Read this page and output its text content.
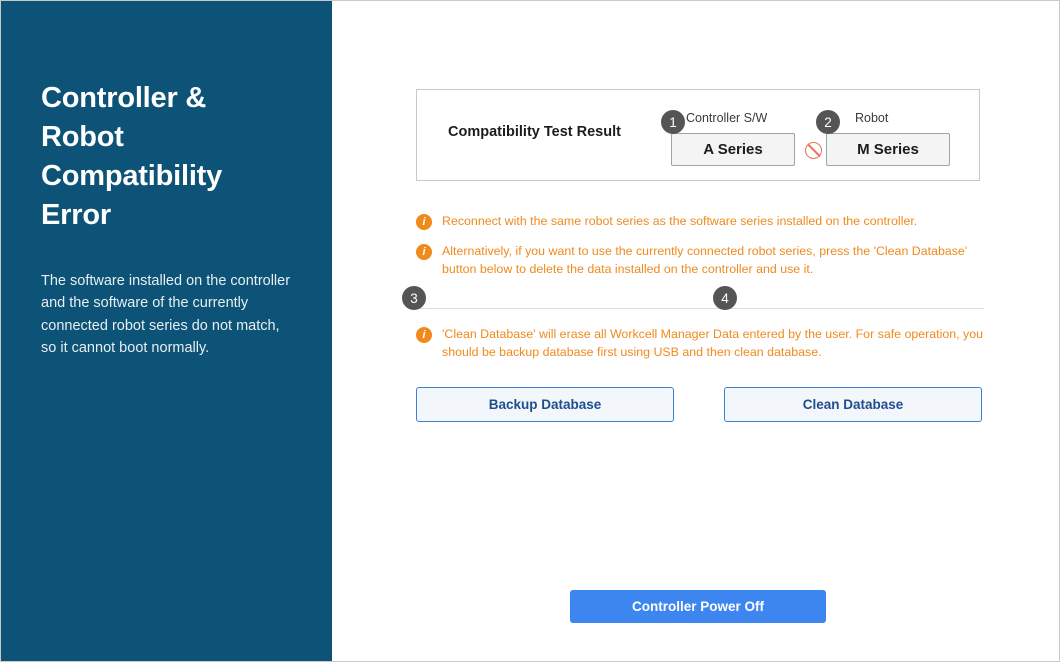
Controller & Robot Compatibility Error

The software installed on the controller and the software of the currently connected robot series do not match, so it cannot boot normally.

Compatibility Test Result
1 Controller S/W
A Series
2	Robot
M Series
i	Reconnect with the same robot series as the software series installed on the controller.
i	Alternatively, if you want to use the currently connected robot series, press the 'Clean Database' button below to delete the data installed on the controller and use it.
i	'Clean Database' will erase all Workcell Manager Data entered by the user. For safe operation, you should be backup database first using USB and then clean database.
3
Backup Database
4
Clean Database
Controller Power Off
